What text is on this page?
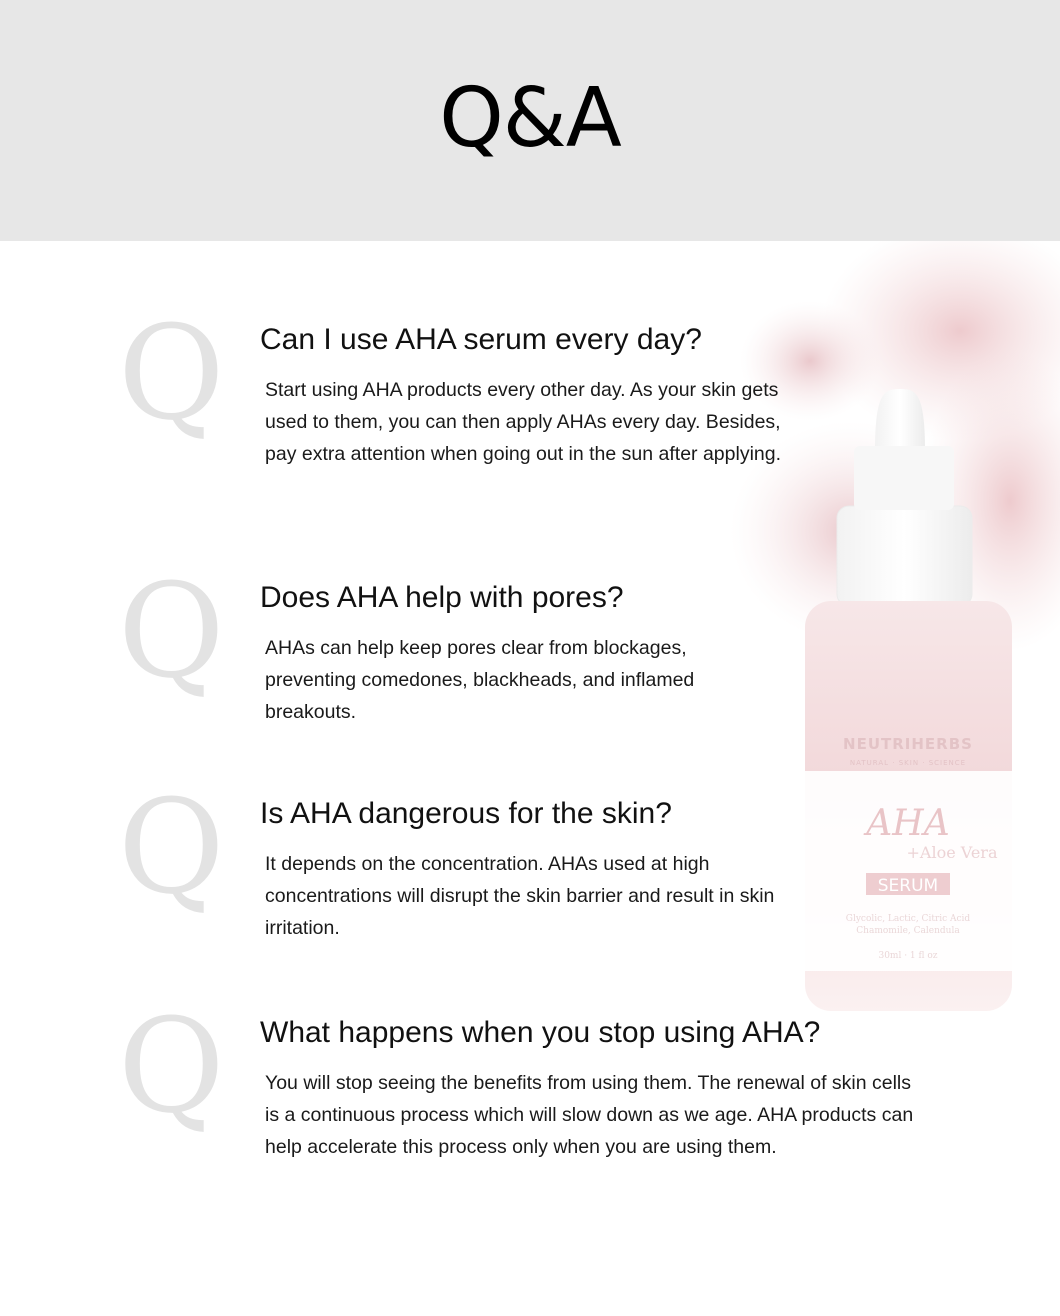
Q&A
NEUTRIHERBS
NATURAL · SKIN · SCIENCE
AHA
+Aloe Vera
SERUM
Glycolic, Lactic, Citric Acid
Chamomile, Calendula
30ml · 1 fl oz
Q Can I use AHA serum every day?
Start using AHA products every other day. As your skin gets used to them, you can then apply AHAs every day. Besides, pay extra attention when going out in the sun after applying.
Q Does AHA help with pores?
AHAs can help keep pores clear from blockages, preventing comedones, blackheads, and inflamed breakouts.
Q Is AHA dangerous for the skin?
It depends on the concentration. AHAs used at high concentrations will disrupt the skin barrier and result in skin irritation.
Q What happens when you stop using AHA?
You will stop seeing the benefits from using them. The renewal of skin cells is a continuous process which will slow down as we age. AHA products can help accelerate this process only when you are using them.
